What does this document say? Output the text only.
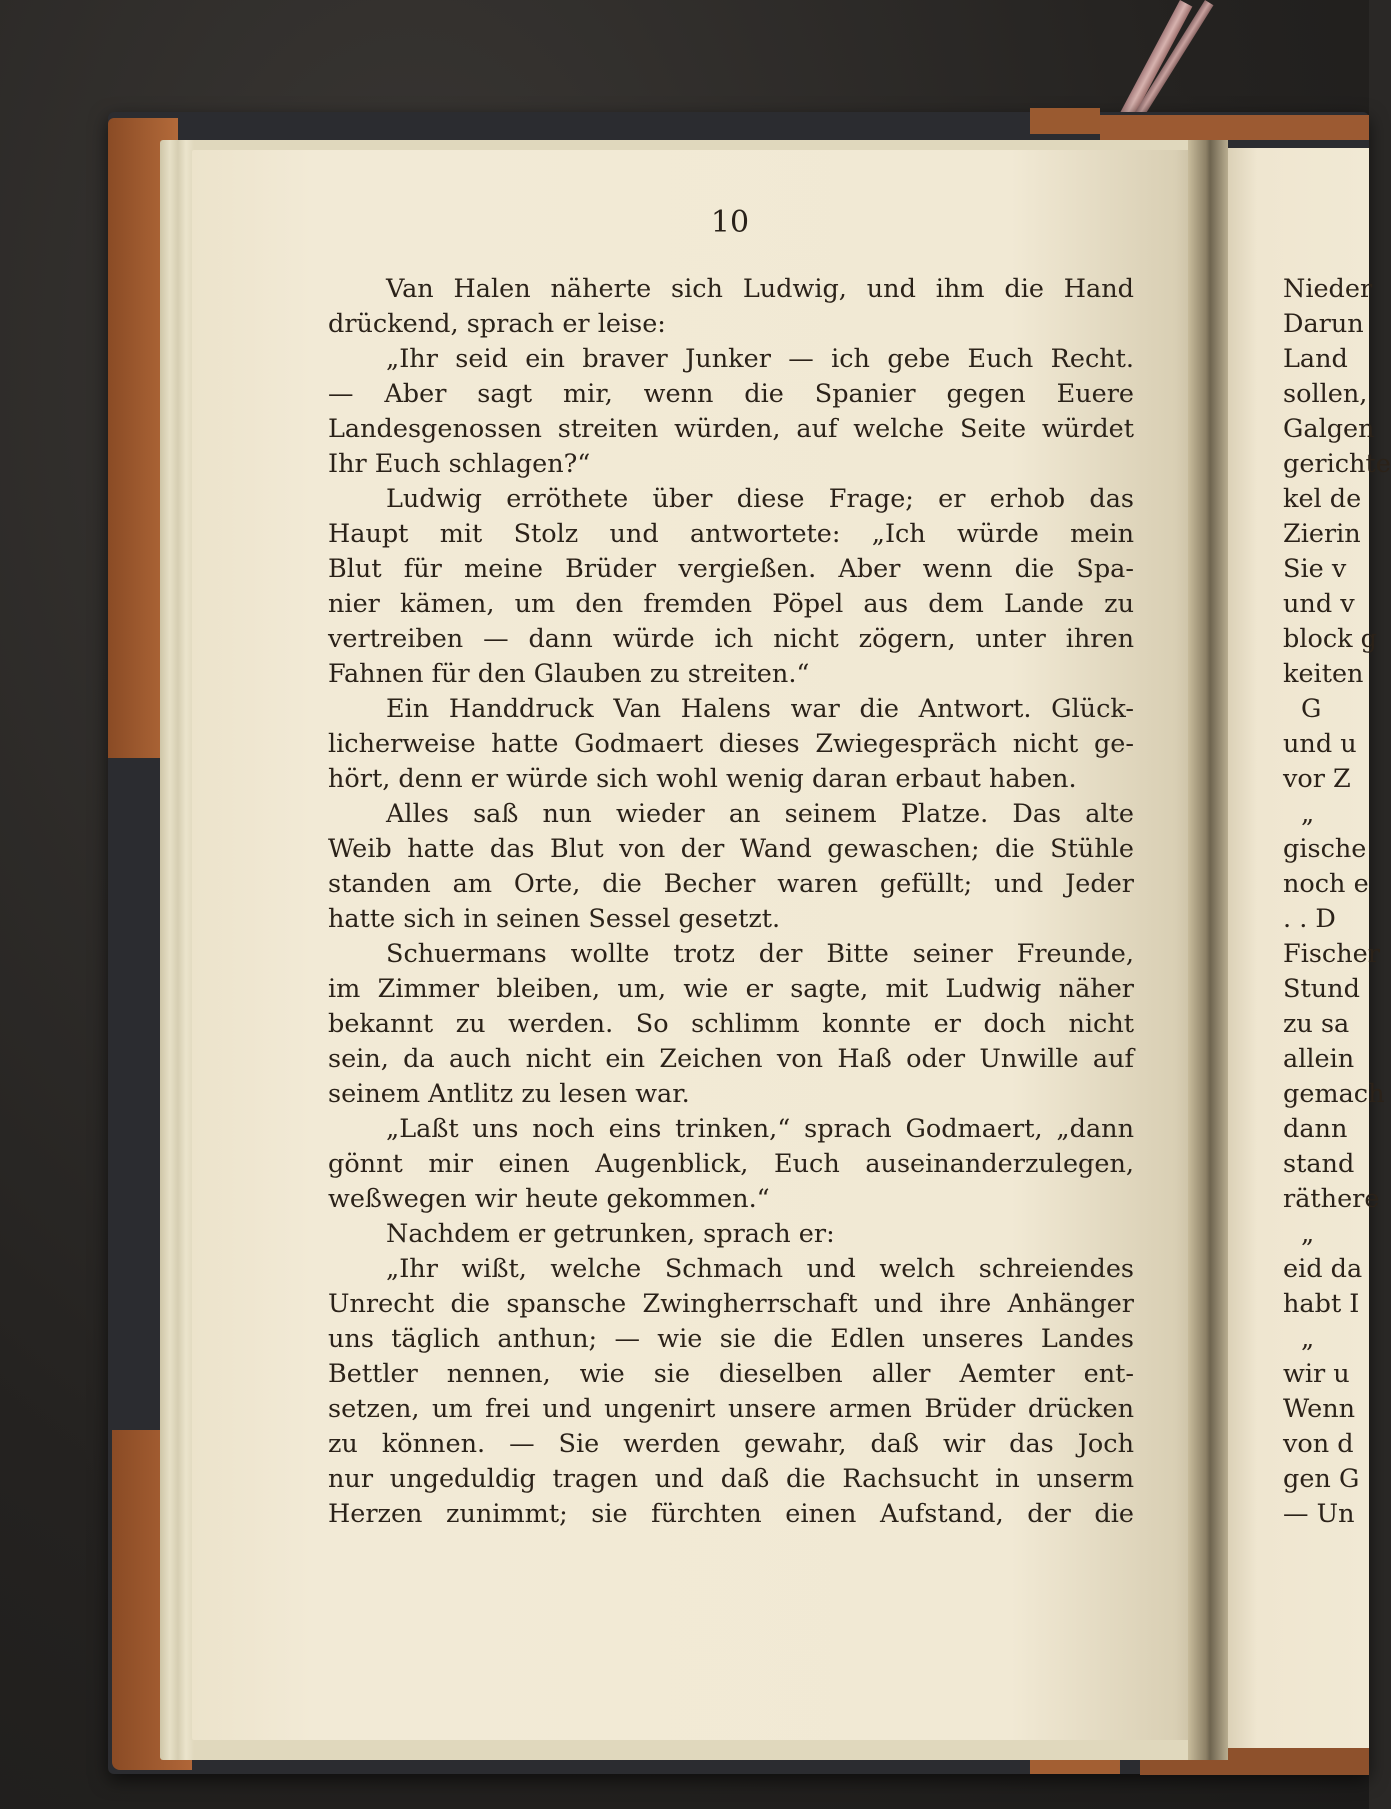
10
Van Halen näherte sich Ludwig, und ihm die Hand
drückend, sprach er leise:
„Ihr seid ein braver Junker — ich gebe Euch Recht.
— Aber sagt mir, wenn die Spanier gegen Euere
Landesgenossen streiten würden, auf welche Seite würdet
Ihr Euch schlagen?“
Ludwig erröthete über diese Frage; er erhob das
Haupt mit Stolz und antwortete: „Ich würde mein
Blut für meine Brüder vergießen. Aber wenn die Spa-
nier kämen, um den fremden Pöpel aus dem Lande zu
vertreiben — dann würde ich nicht zögern, unter ihren
Fahnen für den Glauben zu streiten.“
Ein Handdruck Van Halens war die Antwort. Glück-
licherweise hatte Godmaert dieses Zwiegespräch nicht ge-
hört, denn er würde sich wohl wenig daran erbaut haben.
Alles saß nun wieder an seinem Platze. Das alte
Weib hatte das Blut von der Wand gewaschen; die Stühle
standen am Orte, die Becher waren gefüllt; und Jeder
hatte sich in seinen Sessel gesetzt.
Schuermans wollte trotz der Bitte seiner Freunde,
im Zimmer bleiben, um, wie er sagte, mit Ludwig näher
bekannt zu werden. So schlimm konnte er doch nicht
sein, da auch nicht ein Zeichen von Haß oder Unwille auf
seinem Antlitz zu lesen war.
„Laßt uns noch eins trinken,“ sprach Godmaert, „dann
gönnt mir einen Augenblick, Euch auseinanderzulegen,
weßwegen wir heute gekommen.“
Nachdem er getrunken, sprach er:
„Ihr wißt, welche Schmach und welch schreiendes
Unrecht die spansche Zwingherrschaft und ihre Anhänger
uns täglich anthun; — wie sie die Edlen unseres Landes
Bettler nennen, wie sie dieselben aller Aemter ent-
setzen, um frei und ungenirt unsere armen Brüder drücken
zu können. — Sie werden gewahr, daß wir das Joch
nur ungeduldig tragen und daß die Rachsucht in unserm
Herzen zunimmt; sie fürchten einen Aufstand, der die
Nieder
Darun
Land
sollen,
Galgen
gerichte
kel de
Zierin
Sie v
und v
block g
keiten
G
und u
vor Z
„
gische
noch e
. . D
Fischer
Stund
zu sa
allein
gemach
dann
stand
räthere
„
eid da
habt I
„
wir u
Wenn
von d
gen G
— Un
